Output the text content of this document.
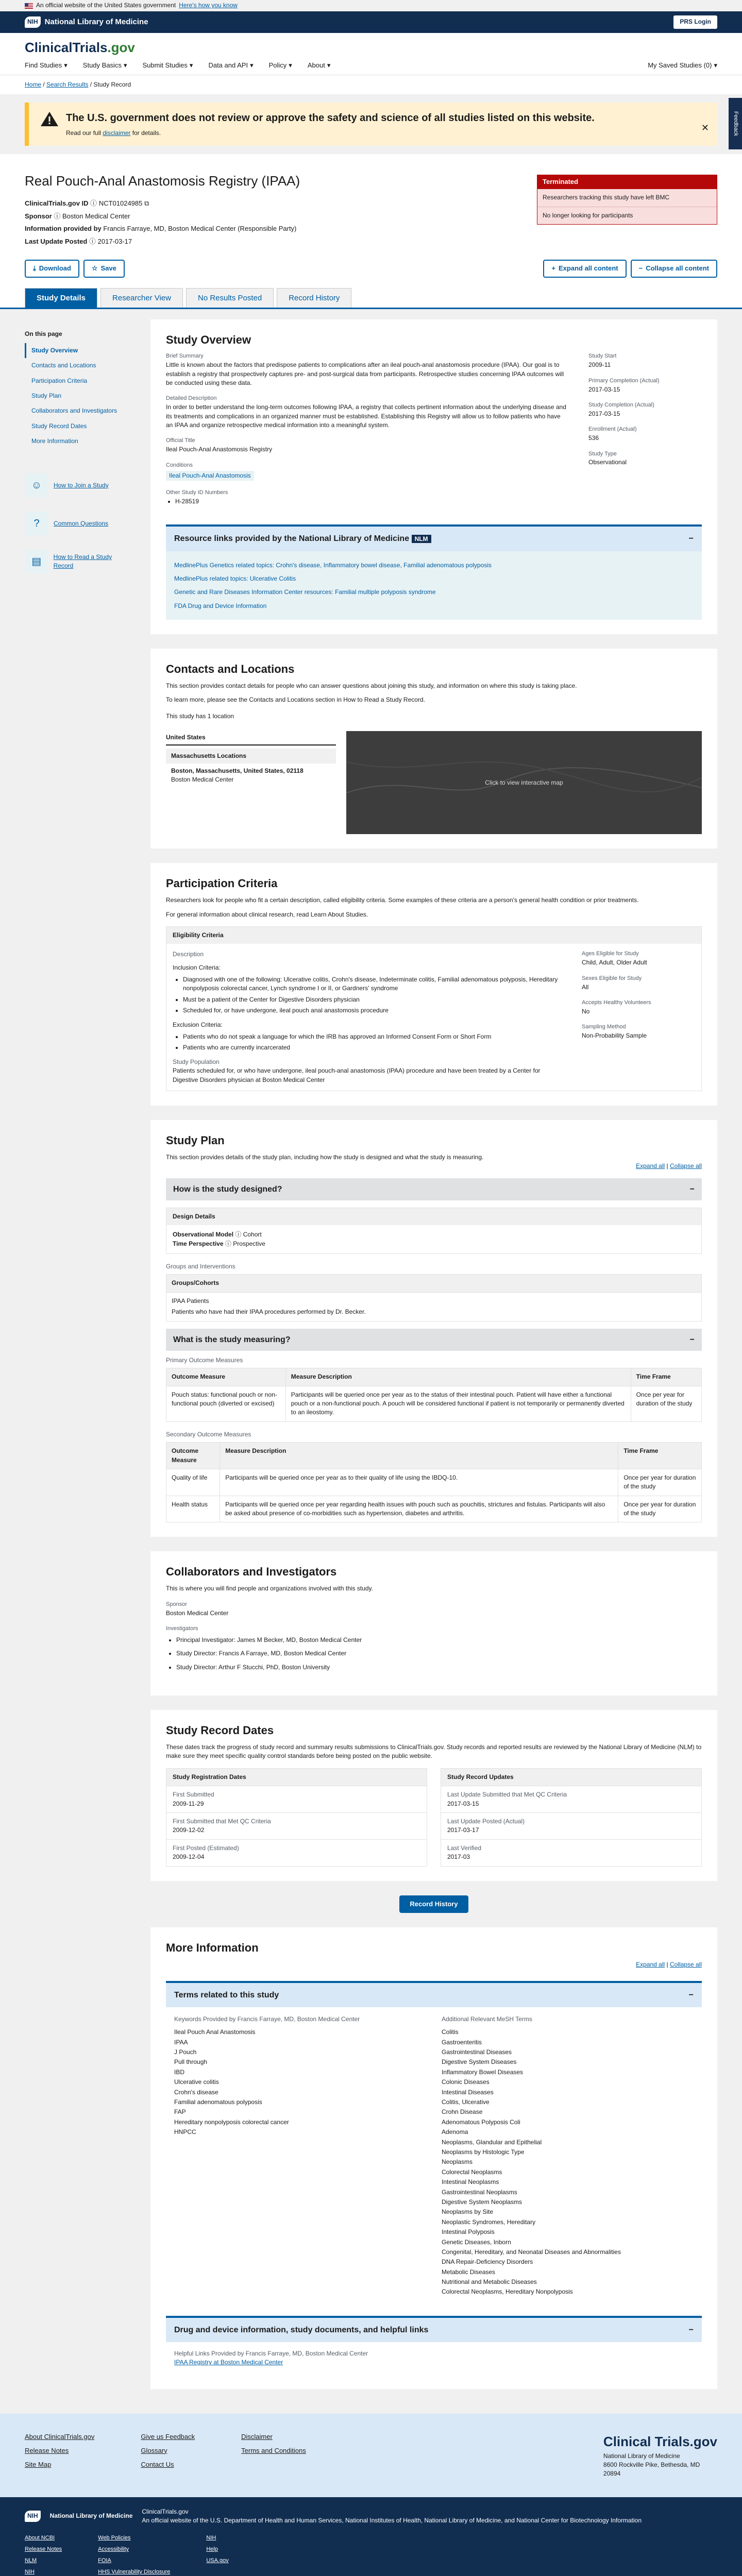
An official website of the United States government Here's how you know
NIH National Library of Medicine	PRS Login
ClinicalTrials.gov
Find Studies ▾ Study Basics ▾ Submit Studies ▾ Data and API ▾ Policy ▾ About ▾	My Saved Studies (0) ▾
Home / Search Results / Study Record
Feedback
The U.S. government does not review or approve the safety and science of all studies listed on this website.

Read our full disclaimer for details.	✕
Real Pouch-Anal Anastomosis Registry (IPAA)
ClinicalTrials.gov ID ⓘ NCT01024985 ⧉
Sponsor ⓘ Boston Medical Center
Information provided by Francis Farraye, MD, Boston Medical Center (Responsible Party)
Last Update Posted ⓘ 2017-03-17
Terminated
Researchers tracking this study have left BMC
No longer looking for participants
⤓ Download	☆ Save	+ Expand all content	− Collapse all content
Study Details	Researcher View	No Results Posted	Record History
On this page
Study Overview
Contacts and Locations
Participation Criteria
Study Plan
Collaborators and Investigators
Study Record Dates
More Information
☺	How to Join a Study
?	Common Questions
▤	How to Read a Study Record
Study Overview
Brief Summary
Little is known about the factors that predispose patients to complications after an ileal pouch-anal anastomosis procedure (IPAA). Our goal is to establish a registry that prospectively captures pre- and post-surgical data from participants. Retrospective studies concerning IPAA outcomes will be conducted using these data.
Detailed Description
In order to better understand the long-term outcomes following IPAA, a registry that collects pertinent information about the underlying disease and its treatments and complications in an organized manner must be established. Establishing this Registry will allow us to follow patients who have an IPAA and organize retrospective medical information into a meaningful system.
Official Title
Ileal Pouch-Anal Anastomosis Registry
Conditions
Ileal Pouch-Anal Anastomosis
Other Study ID Numbers
• H-28519
Study Start
2009-11
Primary Completion (Actual)
2017-03-15
Study Completion (Actual)
2017-03-15
Enrollment (Actual)
536
Study Type
Observational
Resource links provided by the National Library of Medicine NLM	−
MedlinePlus Genetics related topics: Crohn's disease, Inflammatory bowel disease, Familial adenomatous polyposis
MedlinePlus related topics: Ulcerative Colitis
Genetic and Rare Diseases Information Center resources: Familial multiple polyposis syndrome
FDA Drug and Device Information
Contacts and Locations

This section provides contact details for people who can answer questions about joining this study, and information on where this study is taking place.

To learn more, please see the Contacts and Locations section in How to Read a Study Record.

This study has 1 location

United States
Massachusetts Locations
Boston, Massachusetts, United States, 02118
Boston Medical Center	Click to view interactive map
Participation Criteria

Researchers look for people who fit a certain description, called eligibility criteria. Some examples of these criteria are a person's general health condition or prior treatments.

For general information about clinical research, read Learn About Studies.

Eligibility Criteria
Description
Inclusion Criteria:
• Diagnosed with one of the following: Ulcerative colitis, Crohn's disease, Indeterminate colitis, Familial adenomatous polyposis, Hereditary nonpolyposis colorectal cancer, Lynch syndrome I or II, or Gardners' syndrome
• Must be a patient of the Center for Digestive Disorders physician
• Scheduled for, or have undergone, ileal pouch anal anastomosis procedure
Exclusion Criteria:
• Patients who do not speak a language for which the IRB has approved an Informed Consent Form or Short Form
• Patients who are currently incarcerated
Study Population
Patients scheduled for, or who have undergone, ileal pouch-anal anastomosis (IPAA) procedure and have been treated by a Center for Digestive Disorders physician at Boston Medical Center
Ages Eligible for Study
Child, Adult, Older Adult
Sexes Eligible for Study
All
Accepts Healthy Volunteers
No
Sampling Method
Non-Probability Sample
Study Plan

This section provides details of the study plan, including how the study is designed and what the study is measuring.

Expand all | Collapse all
How is the study designed?	−
Design Details
Observational Model ⓘ Cohort
Time Perspective ⓘ Prospective
Groups and Interventions
Groups/Cohorts

IPAA Patients
Patients who have had their IPAA procedures performed by Dr. Becker.
What is the study measuring?	−
Primary Outcome Measures
Outcome Measure	Measure Description	Time Frame
Pouch status: functional pouch or non-functional pouch (diverted or excised)	Participants will be queried once per year as to the status of their intestinal pouch. Patient will have either a functional pouch or a non-functional pouch. A pouch will be considered functional if patient is not temporarily or permanently diverted to an ileostomy.	Once per year for duration of the study
Secondary Outcome Measures
Outcome Measure	Measure Description	Time Frame
Quality of life	Participants will be queried once per year as to their quality of life using the IBDQ-10.	Once per year for duration of the study
Health status	Participants will be queried once per year regarding health issues with pouch such as pouchitis, strictures and fistulas. Participants will also be asked about presence of co-morbidities such as hypertension, diabetes and arthritis.	Once per year for duration of the study
Collaborators and Investigators

This is where you will find people and organizations involved with this study.

Sponsor
Boston Medical Center
Investigators
• Principal Investigator: James M Becker, MD, Boston Medical Center
• Study Director: Francis A Farraye, MD, Boston Medical Center
• Study Director: Arthur F Stucchi, PhD, Boston University
Study Record Dates

These dates track the progress of study record and summary results submissions to ClinicalTrials.gov. Study records and reported results are reviewed by the National Library of Medicine (NLM) to make sure they meet specific quality control standards before being posted on the public website.

Study Registration Dates
First Submitted
2009-11-29
First Submitted that Met QC Criteria
2009-12-02
First Posted (Estimated)
2009-12-04
Study Record Updates
Last Update Submitted that Met QC Criteria
2017-03-15
Last Update Posted (Actual)
2017-03-17
Last Verified
2017-03
Record History
More Information
Expand all | Collapse all
Terms related to this study	−
Keywords Provided by Francis Farraye, MD, Boston Medical Center
Ileal Pouch Anal Anastomosis
IPAA
J Pouch
Pull through
IBD
Ulcerative colitis
Crohn's disease
Familial adenomatous polyposis
FAP
Hereditary nonpolyposis colorectal cancer
HNPCC
Additional Relevant MeSH Terms
Colitis
Gastroenteritis
Gastrointestinal Diseases
Digestive System Diseases
Inflammatory Bowel Diseases
Colonic Diseases
Intestinal Diseases
Colitis, Ulcerative
Crohn Disease
Adenomatous Polyposis Coli
Adenoma
Neoplasms, Glandular and Epithelial
Neoplasms by Histologic Type
Neoplasms
Colorectal Neoplasms
Intestinal Neoplasms
Gastrointestinal Neoplasms
Digestive System Neoplasms
Neoplasms by Site
Neoplastic Syndromes, Hereditary
Intestinal Polyposis
Genetic Diseases, Inborn
Congenital, Hereditary, and Neonatal Diseases and Abnormalities
DNA Repair-Deficiency Disorders
Metabolic Diseases
Nutritional and Metabolic Diseases
Colorectal Neoplasms, Hereditary Nonpolyposis
Drug and device information, study documents, and helpful links	−
Helpful Links Provided by Francis Farraye, MD, Boston Medical Center
IPAA Registry at Boston Medical Center
About ClinicalTrials.gov
Release Notes
Site Map
Give us Feedback
Glossary
Contact Us
Disclaimer
Terms and Conditions
Clinical Trials.gov
National Library of Medicine
8600 Rockville Pike, Bethesda, MD
20894
NIH	National Library of Medicine
ClinicalTrials.gov
An official website of the U.S. Department of Health and Human Services, National Institutes of Health, National Library of Medicine, and National Center for Biotechnology Information
About NCBI
Release Notes
NLM
NIH
Web Policies
Accessibility
FOIA
HHS Vulnerability Disclosure
NIH
Help
USA.gov
